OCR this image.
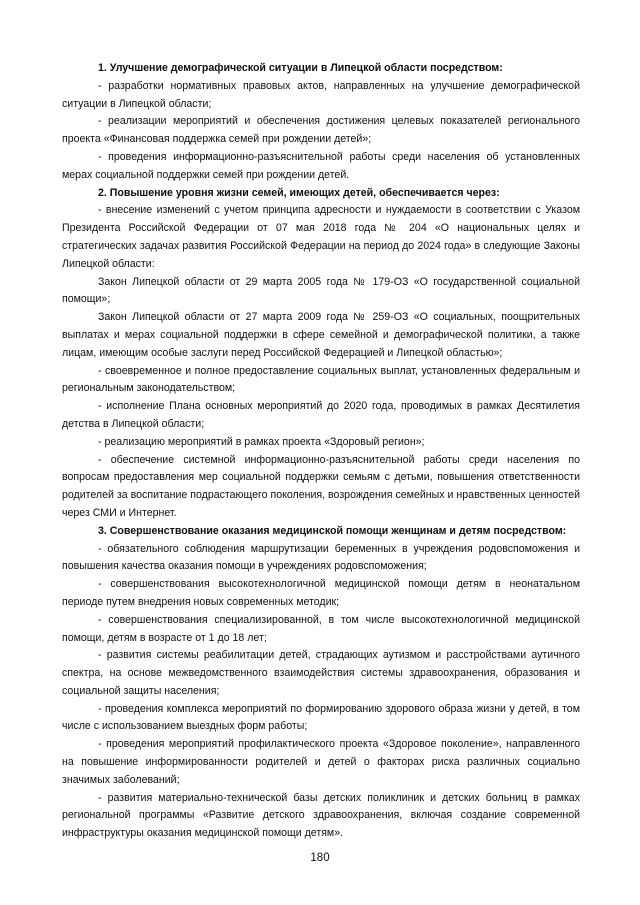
1. Улучшение демографической ситуации в Липецкой области посредством:

- разработки нормативных правовых актов, направленных на улучшение демографической ситуации в Липецкой области;

- реализации мероприятий и обеспечения достижения целевых показателей регионального проекта «Финансовая поддержка семей при рождении детей»;

- проведения информационно-разъяснительной работы среди населения об установленных мерах социальной поддержки семей при рождении детей.

2. Повышение уровня жизни семей, имеющих детей, обеспечивается через:

- внесение изменений с учетом принципа адресности и нуждаемости в соответствии с Указом Президента Российской Федерации от 07 мая 2018 года № 204 «О национальных целях и стратегических задачах развития Российской Федерации на период до 2024 года» в следующие Законы Липецкой области:

Закон Липецкой области от 29 марта 2005 года № 179-ОЗ «О государственной социальной помощи»;

Закон Липецкой области от 27 марта 2009 года № 259-ОЗ «О социальных, поощрительных выплатах и мерах социальной поддержки в сфере семейной и демографической политики, а также лицам, имеющим особые заслуги перед Российской Федерацией и Липецкой областью»;

- своевременное и полное предоставление социальных выплат, установленных федеральным и региональным законодательством;

- исполнение Плана основных мероприятий до 2020 года, проводимых в рамках Десятилетия детства в Липецкой области;

- реализацию мероприятий в рамках проекта «Здоровый регион»;

- обеспечение системной информационно-разъяснительной работы среди населения по вопросам предоставления мер социальной поддержки семьям с детьми, повышения ответственности родителей за воспитание подрастающего поколения, возрождения семейных и нравственных ценностей через СМИ и Интернет.

3. Совершенствование оказания медицинской помощи женщинам и детям посредством:

- обязательного соблюдения маршрутизации беременных в учреждения родовспоможения и повышения качества оказания помощи в учреждениях родовспоможения;

- совершенствования высокотехнологичной медицинской помощи детям в неонатальном периоде путем внедрения новых современных методик;

- совершенствования специализированной, в том числе высокотехнологичной медицинской помощи, детям в возрасте от 1 до 18 лет;

- развития системы реабилитации детей, страдающих аутизмом и расстройствами аутичного спектра, на основе межведомственного взаимодействия системы здравоохранения, образования и социальной защиты населения;

- проведения комплекса мероприятий по формированию здорового образа жизни у детей, в том числе с использованием выездных форм работы;

- проведения мероприятий профилактического проекта «Здоровое поколение», направленного на повышение информированности родителей и детей о факторах риска различных социально значимых заболеваний;

- развития материально-технической базы детских поликлиник и детских больниц в рамках региональной программы «Развитие детского здравоохранения, включая создание современной инфраструктуры оказания медицинской помощи детям».

180
